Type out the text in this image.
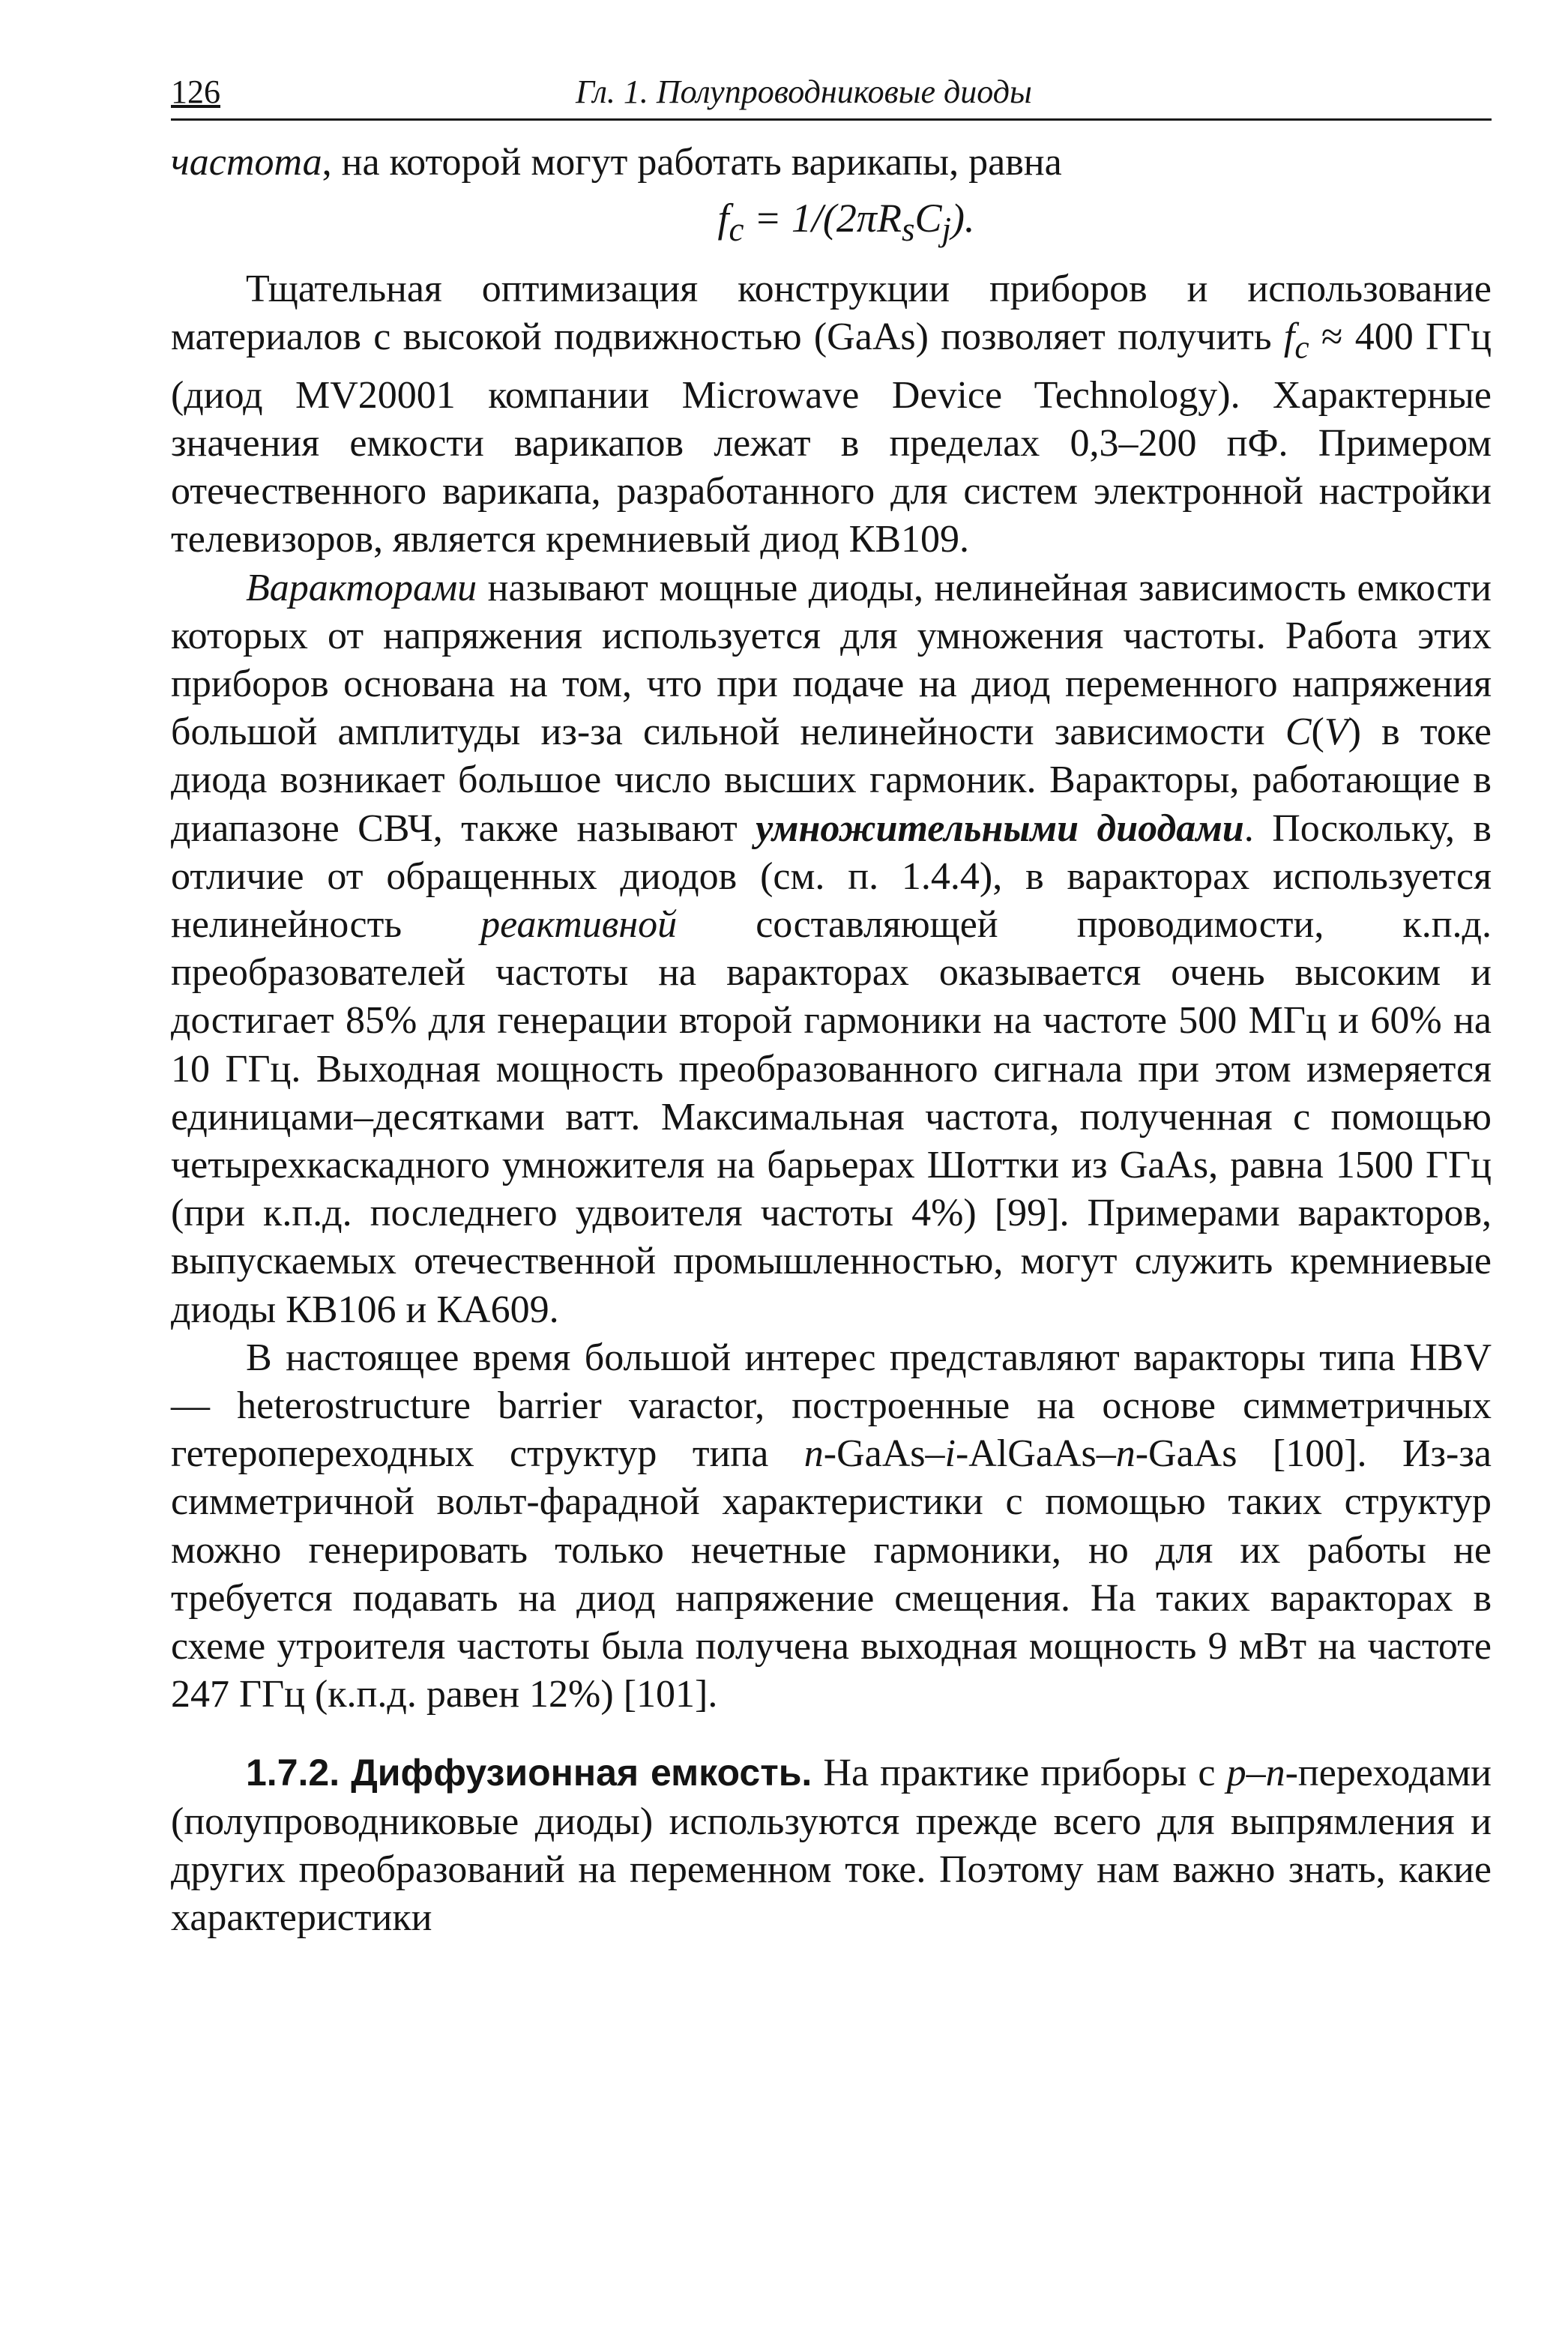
126	Гл. 1. Полупроводниковые диоды

частота, на которой могут работать варикапы, равна

$f_c = 1/(2\pi R_sC_j)$.

Тщательная оптимизация конструкции приборов и использование материалов с высокой подвижностью (GaAs) позволяет получить $f_c \approx 400$ ГГц (диод MV20001 компании Microwave Device Technology). Характерные значения емкости варикапов лежат в пределах 0,3–200 пФ. Примером отечественного варикапа, разработанного для систем электронной настройки телевизоров, является кремниевый диод КВ109.

Варакторами называют мощные диоды, нелинейная зависимость емкости которых от напряжения используется для умножения частоты. Работа этих приборов основана на том, что при подаче на диод переменного напряжения большой амплитуды из-за сильной нелинейности зависимости C(V) в токе диода возникает большое число высших гармоник. Варакторы, работающие в диапазоне СВЧ, также называют умножительными диодами. Поскольку, в отличие от обращенных диодов (см. п. 1.4.4), в варакторах используется нелинейность реактивной составляющей проводимости, к.п.д. преобразователей частоты на варакторах оказывается очень высоким и достигает 85% для генерации второй гармоники на частоте 500 МГц и 60% на 10 ГГц. Выходная мощность преобразованного сигнала при этом измеряется единицами–десятками ватт. Максимальная частота, полученная с помощью четырехкаскадного умножителя на барьерах Шоттки из GaAs, равна 1500 ГГц (при к.п.д. последнего удвоителя частоты 4%) [99]. Примерами варакторов, выпускаемых отечественной промышленностью, могут служить кремниевые диоды КВ106 и КА609.

В настоящее время большой интерес представляют варакторы типа HBV — heterostructure barrier varactor, построенные на основе симметричных гетеропереходных структур типа n-GaAs–i-AlGaAs–n-GaAs [100]. Из-за симметричной вольт-фарадной характеристики с помощью таких структур можно генерировать только нечетные гармоники, но для их работы не требуется подавать на диод напряжение смещения. На таких варакторах в схеме утроителя частоты была получена выходная мощность 9 мВт на частоте 247 ГГц (к.п.д. равен 12%) [101].

1.7.2. Диффузионная емкость. На практике приборы с p–n-переходами (полупроводниковые диоды) используются прежде всего для выпрямления и других преобразований на переменном токе. Поэтому нам важно знать, какие характеристики
